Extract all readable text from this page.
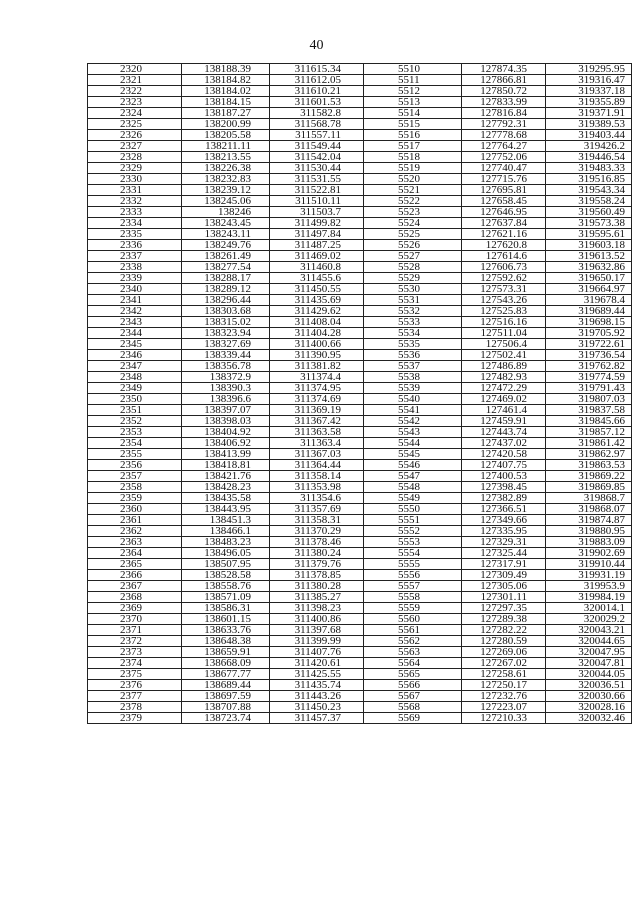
40
2320	138188.39	311615.34	5510	127874.35	319295.95
2321	138184.82	311612.05	5511	127866.81	319316.47
2322	138184.02	311610.21	5512	127850.72	319337.18
2323	138184.15	311601.53	5513	127833.99	319355.89
2324	138187.27	311582.8	5514	127816.84	319371.91
2325	138200.99	311568.78	5515	127792.31	319389.53
2326	138205.58	311557.11	5516	127778.68	319403.44
2327	138211.11	311549.44	5517	127764.27	319426.2
2328	138213.55	311542.04	5518	127752.06	319446.54
2329	138226.38	311530.44	5519	127740.47	319483.33
2330	138232.83	311531.55	5520	127715.76	319516.85
2331	138239.12	311522.81	5521	127695.81	319543.34
2332	138245.06	311510.11	5522	127658.45	319558.24
2333	138246	311503.7	5523	127646.95	319560.49
2334	138243.45	311499.82	5524	127637.84	319573.38
2335	138243.11	311497.84	5525	127621.16	319595.61
2336	138249.76	311487.25	5526	127620.8	319603.18
2337	138261.49	311469.02	5527	127614.6	319613.52
2338	138277.54	311460.8	5528	127606.73	319632.86
2339	138288.17	311455.6	5529	127592.62	319650.17
2340	138289.12	311450.55	5530	127573.31	319664.97
2341	138296.44	311435.69	5531	127543.26	319678.4
2342	138303.68	311429.62	5532	127525.83	319689.44
2343	138315.02	311408.04	5533	127516.16	319698.15
2344	138323.94	311404.28	5534	127511.04	319705.92
2345	138327.69	311400.66	5535	127506.4	319722.61
2346	138339.44	311390.95	5536	127502.41	319736.54
2347	138356.78	311381.82	5537	127486.89	319762.82
2348	138372.9	311374.4	5538	127482.93	319774.59
2349	138390.3	311374.95	5539	127472.29	319791.43
2350	138396.6	311374.69	5540	127469.02	319807.03
2351	138397.07	311369.19	5541	127461.4	319837.58
2352	138398.03	311367.42	5542	127459.91	319845.66
2353	138404.92	311363.58	5543	127443.74	319857.12
2354	138406.92	311363.4	5544	127437.02	319861.42
2355	138413.99	311367.03	5545	127420.58	319862.97
2356	138418.81	311364.44	5546	127407.75	319863.53
2357	138421.76	311358.14	5547	127400.53	319869.22
2358	138428.23	311353.98	5548	127398.45	319869.85
2359	138435.58	311354.6	5549	127382.89	319868.7
2360	138443.95	311357.69	5550	127366.51	319868.07
2361	138451.3	311358.31	5551	127349.66	319874.87
2362	138466.1	311370.29	5552	127335.95	319880.95
2363	138483.23	311378.46	5553	127329.31	319883.09
2364	138496.05	311380.24	5554	127325.44	319902.69
2365	138507.95	311379.76	5555	127317.91	319910.44
2366	138528.58	311378.85	5556	127309.49	319931.19
2367	138558.76	311380.28	5557	127305.06	319953.9
2368	138571.09	311385.27	5558	127301.11	319984.19
2369	138586.31	311398.23	5559	127297.35	320014.1
2370	138601.15	311400.86	5560	127289.38	320029.2
2371	138633.76	311397.68	5561	127282.22	320043.21
2372	138648.38	311399.99	5562	127280.59	320044.65
2373	138659.91	311407.76	5563	127269.06	320047.95
2374	138668.09	311420.61	5564	127267.02	320047.81
2375	138677.77	311425.55	5565	127258.61	320044.05
2376	138689.44	311435.74	5566	127250.17	320036.51
2377	138697.59	311443.26	5567	127232.76	320030.66
2378	138707.88	311450.23	5568	127223.07	320028.16
2379	138723.74	311457.37	5569	127210.33	320032.46
